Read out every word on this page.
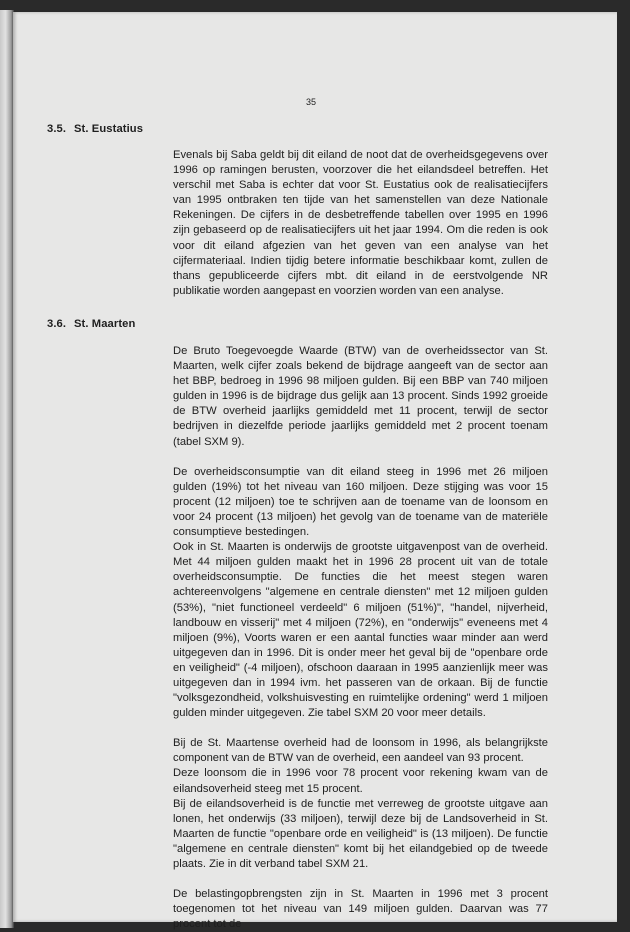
35
3.5. St. Eustatius

Evenals bij Saba geldt bij dit eiland de noot dat de overheidsgegevens over 1996 op ramingen berusten, voorzover die het eilandsdeel betreffen. Het verschil met Saba is echter dat voor St. Eustatius ook de realisatiecijfers van 1995 ontbraken ten tijde van het samenstellen van deze Nationale Rekeningen. De cijfers in de desbetreffende tabellen over 1995 en 1996 zijn gebaseerd op de realisatiecijfers uit het jaar 1994. Om die reden is ook voor dit eiland afgezien van het geven van een analyse van het cijfermateriaal. Indien tijdig betere informatie beschikbaar komt, zullen de thans gepubliceerde cijfers mbt. dit eiland in de eerstvolgende NR publikatie worden aangepast en voorzien worden van een analyse.

3.6. St. Maarten

De Bruto Toegevoegde Waarde (BTW) van de overheidssector van St. Maarten, welk cijfer zoals bekend de bijdrage aangeeft van de sector aan het BBP, bedroeg in 1996 98 miljoen gulden. Bij een BBP van 740 miljoen gulden in 1996 is de bijdrage dus gelijk aan 13 procent. Sinds 1992 groeide de BTW overheid jaarlijks gemiddeld met 11 procent, terwijl de sector bedrijven in diezelfde periode jaarlijks gemiddeld met 2 procent toenam (tabel SXM 9).

De overheidsconsumptie van dit eiland steeg in 1996 met 26 miljoen gulden (19%) tot het niveau van 160 miljoen. Deze stijging was voor 15 procent (12 miljoen) toe te schrijven aan de toename van de loonsom en voor 24 procent (13 miljoen) het gevolg van de toename van de materiële consumptieve bestedingen.

Ook in St. Maarten is onderwijs de grootste uitgavenpost van de overheid. Met 44 miljoen gulden maakt het in 1996 28 procent uit van de totale overheidsconsumptie. De functies die het meest stegen waren achtereenvolgens "algemene en centrale diensten" met 12 miljoen gulden (53%), "niet functioneel verdeeld" 6 miljoen (51%)", "handel, nijverheid, landbouw en visserij" met 4 miljoen (72%), en "onderwijs" eveneens met 4 miljoen (9%), Voorts waren er een aantal functies waar minder aan werd uitgegeven dan in 1996. Dit is onder meer het geval bij de "openbare orde en veiligheid" (-4 miljoen), ofschoon daaraan in 1995 aanzienlijk meer was uitgegeven dan in 1994 ivm. het passeren van de orkaan. Bij de functie "volksgezondheid, volkshuisvesting en ruimtelijke ordening" werd 1 miljoen gulden minder uitgegeven. Zie tabel SXM 20 voor meer details.

Bij de St. Maartense overheid had de loonsom in 1996, als belangrijkste component van de BTW van de overheid, een aandeel van 93 procent.

Deze loonsom die in 1996 voor 78 procent voor rekening kwam van de eilandsoverheid steeg met 15 procent.

Bij de eilandsoverheid is de functie met verreweg de grootste uitgave aan lonen, het onderwijs (33 miljoen), terwijl deze bij de Landsoverheid in St. Maarten de functie "openbare orde en veiligheid" is (13 miljoen). De functie "algemene en centrale diensten" komt bij het eilandgebied op de tweede plaats. Zie in dit verband tabel SXM 21.

De belastingopbrengsten zijn in St. Maarten in 1996 met 3 procent toegenomen tot het niveau van 149 miljoen gulden. Daarvan was 77 procent tot de
